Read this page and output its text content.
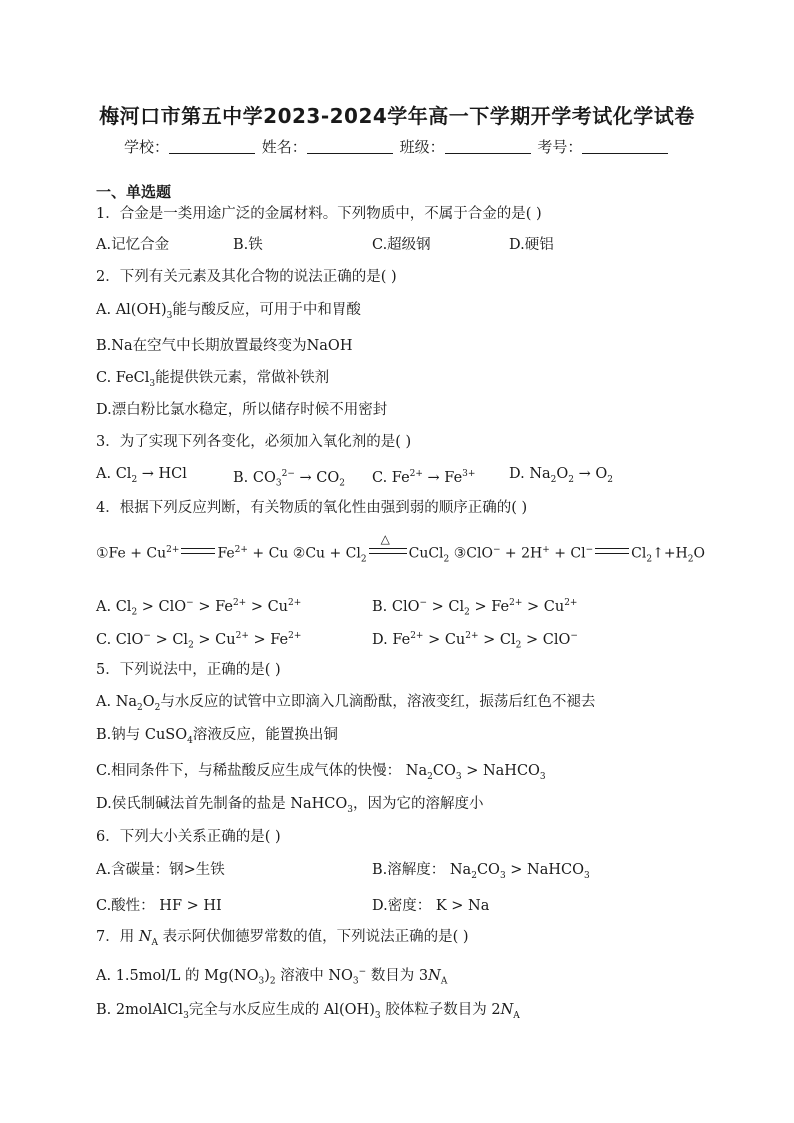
梅河口市第五中学2023-2024学年高一下学期开学考试化学试卷
学校：	姓名：	班级：	考号：
一、单选题
1．合金是一类用途广泛的金属材料。下列物质中，不属于合金的是( )
A.记忆合金	B.铁	C.超级钢	D.硬铝
2．下列有关元素及其化合物的说法正确的是( )
A. $Al(OH)_3$能与酸反应，可用于中和胃酸
B.Na在空气中长期放置最终变为NaOH
C. FeCl$_3$能提供铁元素，常做补铁剂
D.漂白粉比氯水稳定，所以储存时候不用密封
3．为了实现下列各变化，必须加入氧化剂的是( )
A. $Cl_2$ → HCl	B. $CO_3^{2-} \to CO_2$ C. $Fe^{2+} \to Fe^{3+}$ D. $Na_2O_2 \to O_2$
4．根据下列反应判断，有关物质的氧化性由强到弱的顺序正确的( )
①Fe + $Cu^{2+}$	$Fe^{2+} + Cu$ ②Cu + $Cl_2$
△
CuCl$_2$ ③ClO− + 2H+ + Cl−	$Cl_2↑+H_2O$
A. $Cl_2 > ClO^- > Fe^{2+} > Cu^{2+}$	B. $ClO^- > Cl_2 > Fe^{2+} > Cu^{2+}$
C. $ClO^- > Cl_2 > Cu^{2+} > Fe^{2+}$	D. $Fe^{2+} > Cu^{2+} > Cl_2 > ClO^-$
5．下列说法中，正确的是( )
A. $Na_2O_2$与水反应的试管中立即滴入几滴酚酞，溶液变红，振荡后红色不褪去
B.钠与 CuSO$_4$溶液反应，能置换出铜
C.相同条件下，与稀盐酸反应生成气体的快慢： $Na_2CO_3$ > NaHCO$_3$
D.侯氏制碱法首先制备的盐是 NaHCO$_3$，因为它的溶解度小
6．下列大小关系正确的是( )
A.含碳量：钢>生铁	B.溶解度： $Na_2CO_3$ > NaHCO$_3$
C.酸性： HF > HI	D.密度： K > Na
7．用 $N_A$ 表示阿伏伽德罗常数的值，下列说法正确的是( )
A. 1.5mol/L 的 $Mg(NO_3)_2$ 溶液中 $NO_3^-$ 数目为 $3N_A$
B. 2molAlCl$_3$完全与水反应生成的 $Al(OH)_3$ 胶体粒子数目为 $2N_A$
